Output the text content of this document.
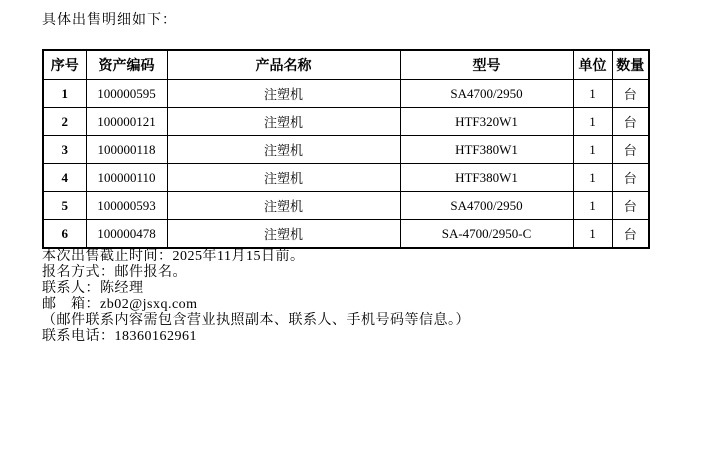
具体出售明细如下：

序号	资产编码	产品名称	型号	单位	数量
1	100000595	注塑机	SA4700/2950	1	台
2	100000121	注塑机	HTF320W1	1	台
3	100000118	注塑机	HTF380W1	1	台
4	100000110	注塑机	HTF380W1	1	台
5	100000593	注塑机	SA4700/2950	1	台
6	100000478	注塑机	SA-4700/2950-C	1	台

本次出售截止时间：2025年11月15日前。

报名方式：邮件报名。

联系人：陈经理

邮　箱：zb02@jsxq.com

（邮件联系内容需包含营业执照副本、联系人、手机号码等信息。）

联系电话：18360162961
